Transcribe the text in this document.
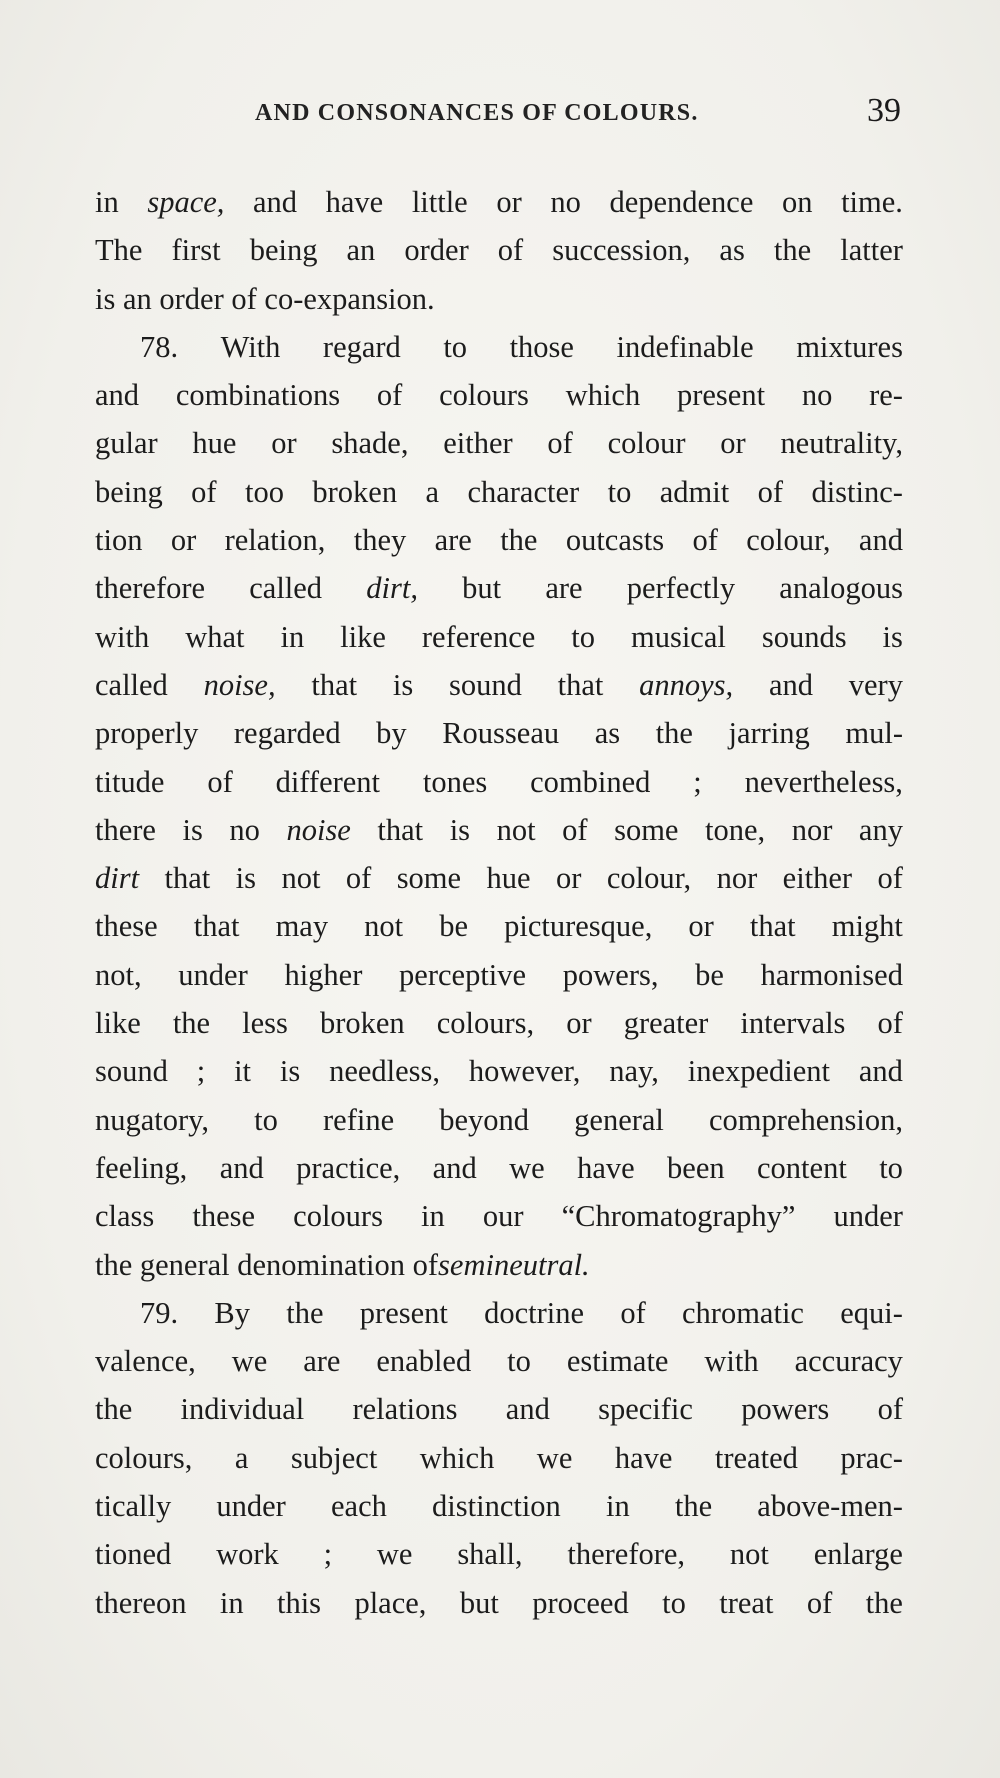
AND CONSONANCES OF COLOURS.	39
in space, and have little or no dependence on time.
The first being an order of succession, as the latter
is an order of co-expansion.
78. With regard to those indefinable mixtures
and combinations of colours which present no re-
gular hue or shade, either of colour or neutrality,
being of too broken a character to admit of distinc-
tion or relation, they are the outcasts of colour, and
therefore called dirt, but are perfectly analogous
with what in like reference to musical sounds is
called noise, that is sound that annoys, and very
properly regarded by Rousseau as the jarring mul-
titude of different tones combined ; nevertheless,
there is no noise that is not of some tone, nor any
dirt that is not of some hue or colour, nor either of
these that may not be picturesque, or that might
not, under higher perceptive powers, be harmonised
like the less broken colours, or greater intervals of
sound ; it is needless, however, nay, inexpedient and
nugatory, to refine beyond general comprehension,
feeling, and practice, and we have been content to
class these colours in our “Chromatography” under
the general denomination of semineutral.
79. By the present doctrine of chromatic equi-
valence, we are enabled to estimate with accuracy
the individual relations and specific powers of
colours, a subject which we have treated prac-
tically under each distinction in the above-men-
tioned work ; we shall, therefore, not enlarge
thereon in this place, but proceed to treat of the
